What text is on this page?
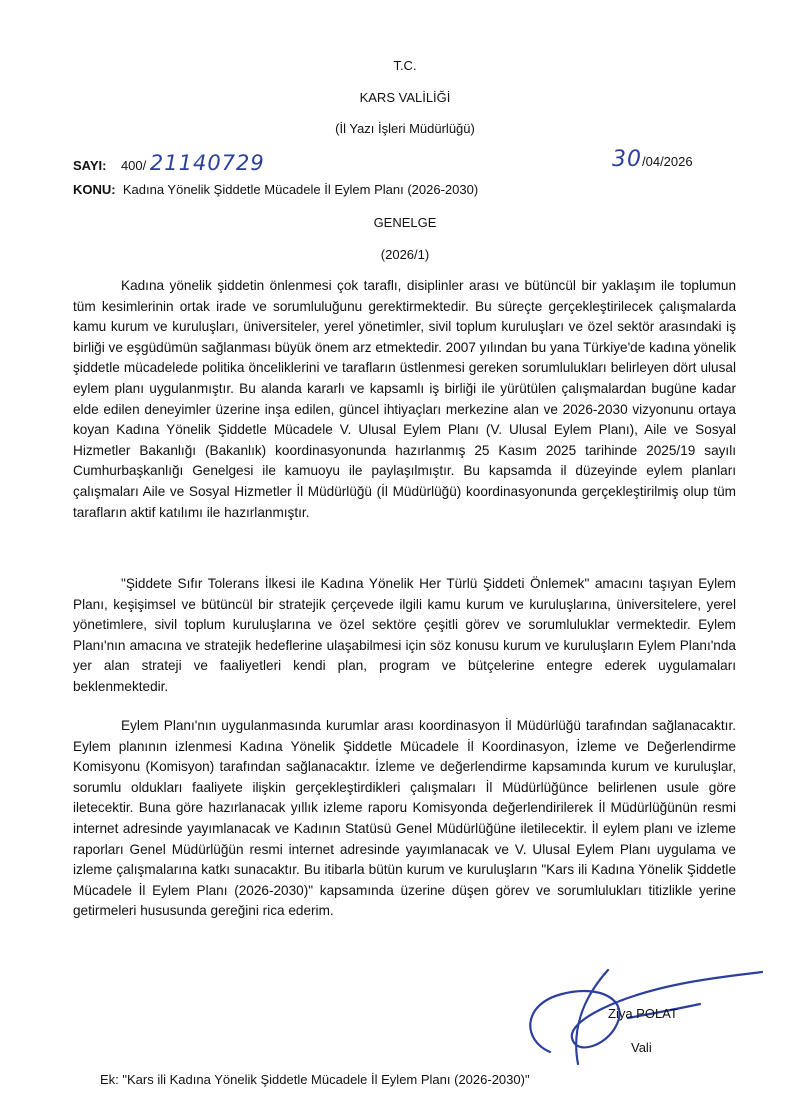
T.C.
KARS VALİLİĞİ
(İl Yazı İşleri Müdürlüğü)
SAYI: 400/ 21140729	30/04/2026
KONU: Kadına Yönelik Şiddetle Mücadele İl Eylem Planı (2026-2030)
GENELGE
(2026/1)

Kadına yönelik şiddetin önlenmesi çok taraflı, disiplinler arası ve bütüncül bir yaklaşım ile toplumun tüm kesimlerinin ortak irade ve sorumluluğunu gerektirmektedir. Bu süreçte gerçekleştirilecek çalışmalarda kamu kurum ve kuruluşları, üniversiteler, yerel yönetimler, sivil toplum kuruluşları ve özel sektör arasındaki iş birliği ve eşgüdümün sağlanması büyük önem arz etmektedir. 2007 yılından bu yana Türkiye'de kadına yönelik şiddetle mücadelede politika önceliklerini ve tarafların üstlenmesi gereken sorumlulukları belirleyen dört ulusal eylem planı uygulanmıştır. Bu alanda kararlı ve kapsamlı iş birliği ile yürütülen çalışmalardan bugüne kadar elde edilen deneyimler üzerine inşa edilen, güncel ihtiyaçları merkezine alan ve 2026-2030 vizyonunu ortaya koyan Kadına Yönelik Şiddetle Mücadele V. Ulusal Eylem Planı (V. Ulusal Eylem Planı), Aile ve Sosyal Hizmetler Bakanlığı (Bakanlık) koordinasyonunda hazırlanmış 25 Kasım 2025 tarihinde 2025/19 sayılı Cumhurbaşkanlığı Genelgesi ile kamuoyu ile paylaşılmıştır. Bu kapsamda il düzeyinde eylem planları çalışmaları Aile ve Sosyal Hizmetler İl Müdürlüğü (İl Müdürlüğü) koordinasyonunda gerçekleştirilmiş olup tüm tarafların aktif katılımı ile hazırlanmıştır.

"Şiddete Sıfır Tolerans İlkesi ile Kadına Yönelik Her Türlü Şiddeti Önlemek" amacını taşıyan Eylem Planı, keşişimsel ve bütüncül bir stratejik çerçevede ilgili kamu kurum ve kuruluşlarına, üniversitelere, yerel yönetimlere, sivil toplum kuruluşlarına ve özel sektöre çeşitli görev ve sorumluluklar vermektedir. Eylem Planı'nın amacına ve stratejik hedeflerine ulaşabilmesi için söz konusu kurum ve kuruluşların Eylem Planı'nda yer alan strateji ve faaliyetleri kendi plan, program ve bütçelerine entegre ederek uygulamaları beklenmektedir.

Eylem Planı'nın uygulanmasında kurumlar arası koordinasyon İl Müdürlüğü tarafından sağlanacaktır. Eylem planının izlenmesi Kadına Yönelik Şiddetle Mücadele İl Koordinasyon, İzleme ve Değerlendirme Komisyonu (Komisyon) tarafından sağlanacaktır. İzleme ve değerlendirme kapsamında kurum ve kuruluşlar, sorumlu oldukları faaliyete ilişkin gerçekleştirdikleri çalışmaları İl Müdürlüğünce belirlenen usule göre iletecektir. Buna göre hazırlanacak yıllık izleme raporu Komisyonda değerlendirilerek İl Müdürlüğünün resmi internet adresinde yayımlanacak ve Kadının Statüsü Genel Müdürlüğüne iletilecektir. İl eylem planı ve izleme raporları Genel Müdürlüğün resmi internet adresinde yayımlanacak ve V. Ulusal Eylem Planı uygulama ve izleme çalışmalarına katkı sunacaktır. Bu itibarla bütün kurum ve kuruluşların "Kars ili Kadına Yönelik Şiddetle Mücadele İl Eylem Planı (2026-2030)" kapsamında üzerine düşen görev ve sorumlulukları titizlikle yerine getirmeleri hususunda gereğini rica ederim.

Ziya POLAT
Vali
Ek: "Kars ili Kadına Yönelik Şiddetle Mücadele İl Eylem Planı (2026-2030)"
